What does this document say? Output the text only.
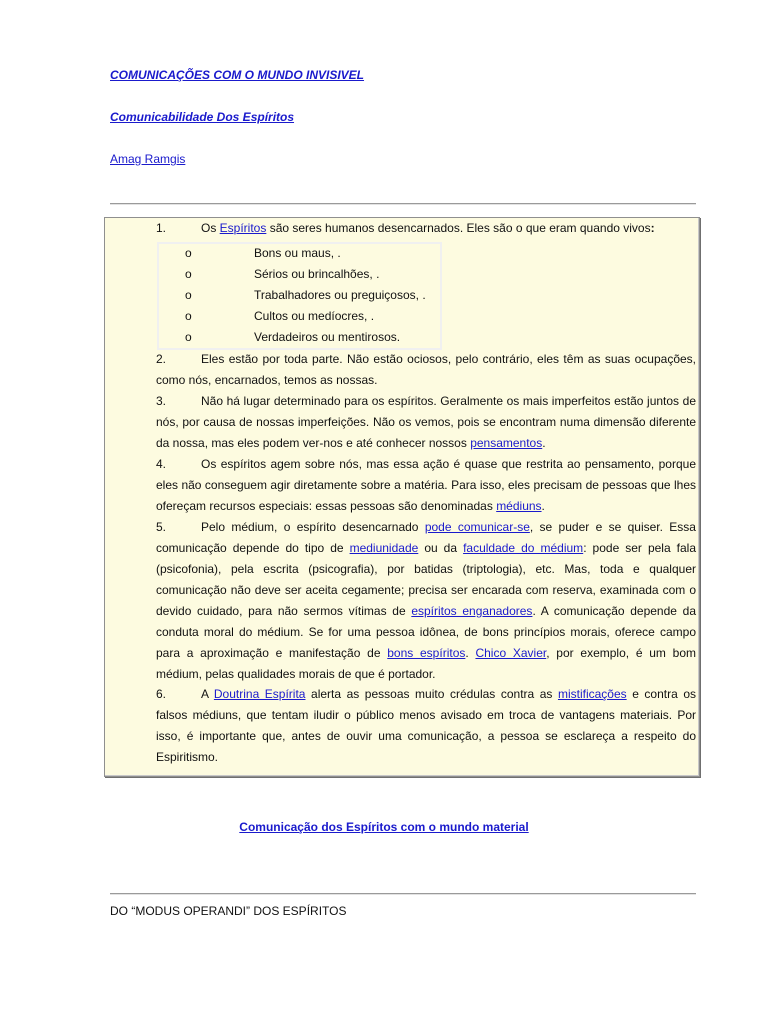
COMUNICAÇÕES COM O MUNDO INVISIVEL
Comunicabilidade Dos Espíritos
Amag Ramgis
1.	Os Espíritos são seres humanos desencarnados. Eles são o que eram quando vivos:
o	Bons ou maus, .
o	Sérios ou brincalhões, .
o	Trabalhadores ou preguiçosos, .
o	Cultos ou medíocres, .
o	Verdadeiros ou mentirosos.
2.	Eles estão por toda parte. Não estão ociosos, pelo contrário, eles têm as suas ocupações, como nós, encarnados, temos as nossas.
3.	Não há lugar determinado para os espíritos. Geralmente os mais imperfeitos estão juntos de nós, por causa de nossas imperfeições. Não os vemos, pois se encontram numa dimensão diferente da nossa, mas eles podem ver-nos e até conhecer nossos pensamentos.
4.	Os espíritos agem sobre nós, mas essa ação é quase que restrita ao pensamento, porque eles não conseguem agir diretamente sobre a matéria. Para isso, eles precisam de pessoas que lhes ofereçam recursos especiais: essas pessoas são denominadas médiuns.
5.	Pelo médium, o espírito desencarnado pode comunicar-se, se puder e se quiser. Essa comunicação depende do tipo de mediunidade ou da faculdade do médium: pode ser pela fala (psicofonia), pela escrita (psicografia), por batidas (triptologia), etc. Mas, toda e qualquer comunicação não deve ser aceita cegamente; precisa ser encarada com reserva, examinada com o devido cuidado, para não sermos vítimas de espíritos enganadores. A comunicação depende da conduta moral do médium. Se for uma pessoa idônea, de bons princípios morais, oferece campo para a aproximação e manifestação de bons espíritos. Chico Xavier, por exemplo, é um bom médium, pelas qualidades morais de que é portador.
6.	A Doutrina Espírita alerta as pessoas muito crédulas contra as mistificações e contra os falsos médiuns, que tentam iludir o público menos avisado em troca de vantagens materiais. Por isso, é importante que, antes de ouvir uma comunicação, a pessoa se esclareça a respeito do Espiritismo.
Comunicação dos Espíritos com o mundo material
DO “MODUS OPERANDI” DOS ESPÍRITOS
